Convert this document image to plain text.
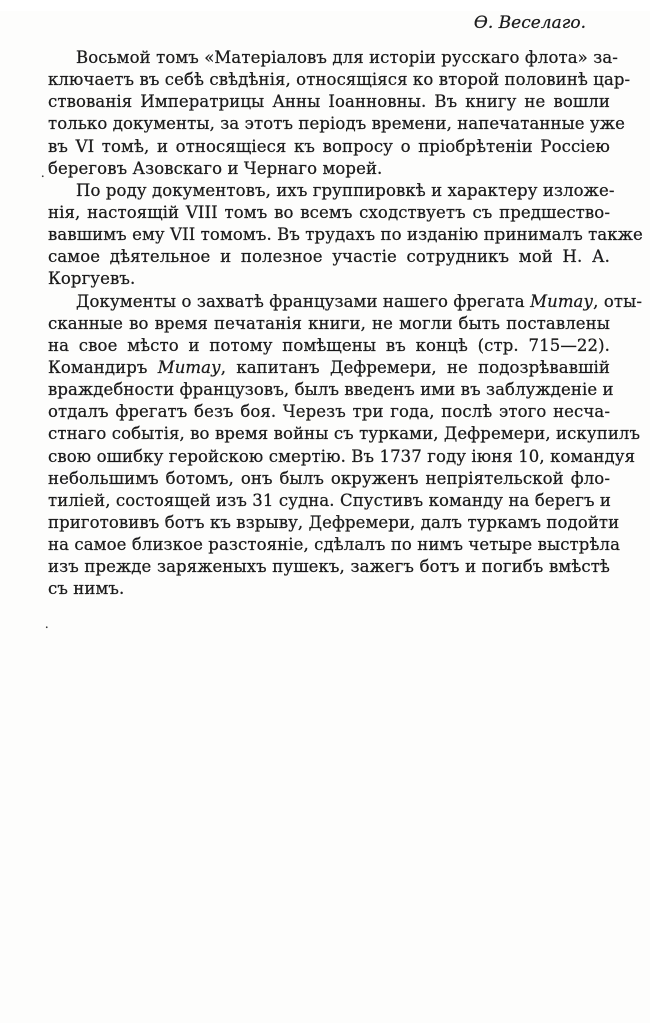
Восьмой томъ «Матеріаловъ для исторіи русскаго флота» за-
ключаетъ въ себѣ свѣдѣнія, относящіяся ко второй половинѣ цар-
ствованія Императрицы Анны Іоанновны. Въ книгу не вошли
только документы, за этотъ періодъ времени, напечатанные уже
въ VI томѣ, и относящіеся къ вопросу о пріобрѣтеніи Россіею
береговъ Азовскаго и Чернаго морей.
По роду документовъ, ихъ группировкѣ и характеру изложе-
нія, настоящій VIII томъ во всемъ сходствуетъ съ предшество-
вавшимъ ему VII томомъ. Въ трудахъ по изданію принималъ также
самое дѣятельное и полезное участіе сотрудникъ мой Н. А.
Коргуевъ.
Документы о захватѣ французами нашего фрегата Митау, оты-
сканные во время печатанія книги, не могли быть поставлены
на свое мѣсто и потому помѣщены въ концѣ (стр. 715—22).
Командиръ Митау, капитанъ Дефремери, не подозрѣвавшій
враждебности французовъ, былъ введенъ ими въ заблужденіе и
отдалъ фрегатъ безъ боя. Черезъ три года, послѣ этого несча-
стнаго событія, во время войны съ турками, Дефремери, искупилъ
свою ошибку геройскою смертію. Въ 1737 году іюня 10, командуя
небольшимъ ботомъ, онъ былъ окруженъ непріятельской фло-
тиліей, состоящей изъ 31 судна. Спустивъ команду на берегъ и
приготовивъ ботъ къ взрыву, Дефремери, далъ туркамъ подойти
на самое близкое разстояніе, сдѣлалъ по нимъ четыре выстрѣла
изъ прежде заряженыхъ пушекъ, зажегъ ботъ и погибъ вмѣстѣ
съ нимъ.
Ѳ. Веселаго.
·
·
